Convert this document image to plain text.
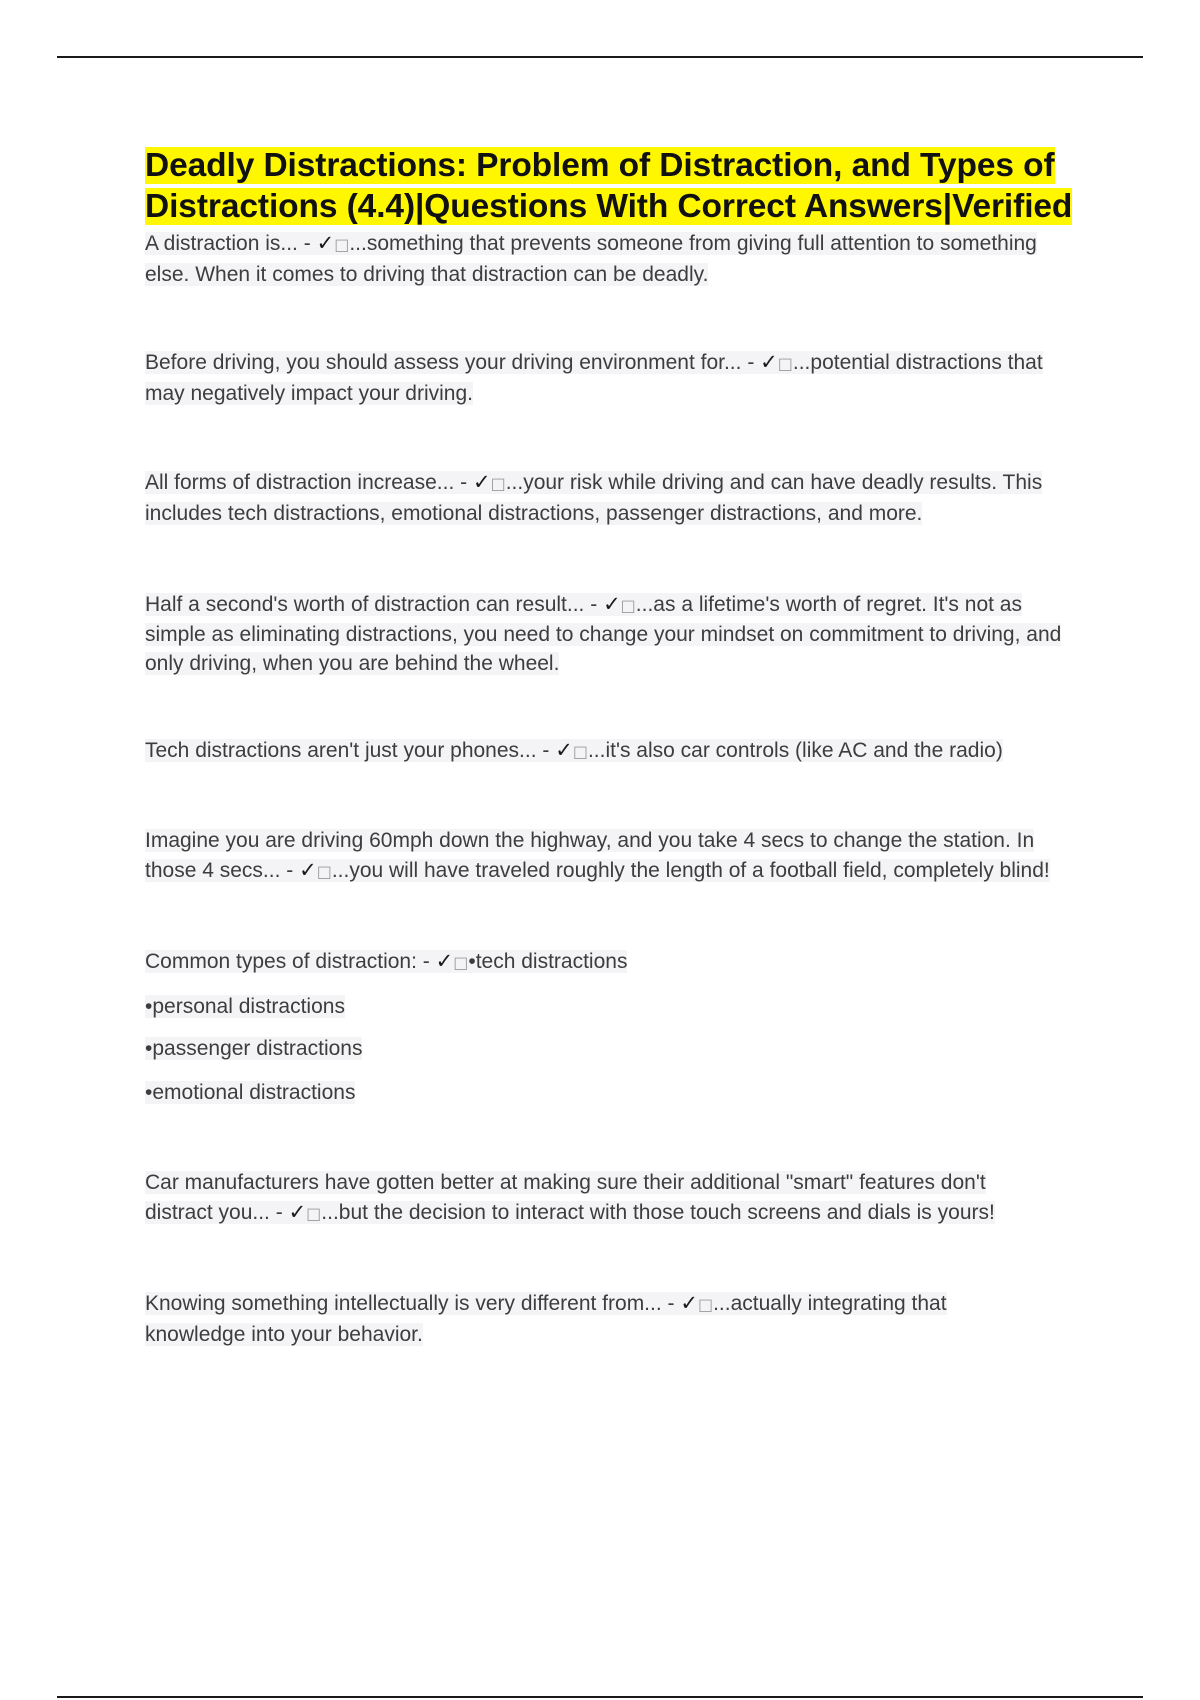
Deadly Distractions: Problem of Distraction, and Types of Distractions (4.4)|Questions With Correct Answers|Verified

A distraction is... - ✓□...something that prevents someone from giving full attention to something else. When it comes to driving that distraction can be deadly.

Before driving, you should assess your driving environment for... - ✓□...potential distractions that may negatively impact your driving.

All forms of distraction increase... - ✓□...your risk while driving and can have deadly results. This includes tech distractions, emotional distractions, passenger distractions, and more.

Half a second's worth of distraction can result... - ✓□...as a lifetime's worth of regret. It's not as simple as eliminating distractions, you need to change your mindset on commitment to driving, and only driving, when you are behind the wheel.

Tech distractions aren't just your phones... - ✓□...it's also car controls (like AC and the radio)

Imagine you are driving 60mph down the highway, and you take 4 secs to change the station. In those 4 secs... - ✓□...you will have traveled roughly the length of a football field, completely blind!

Common types of distraction: - ✓□•tech distractions

•personal distractions

•passenger distractions

•emotional distractions

Car manufacturers have gotten better at making sure their additional "smart" features don't distract you... - ✓□...but the decision to interact with those touch screens and dials is yours!

Knowing something intellectually is very different from... - ✓□...actually integrating that knowledge into your behavior.
